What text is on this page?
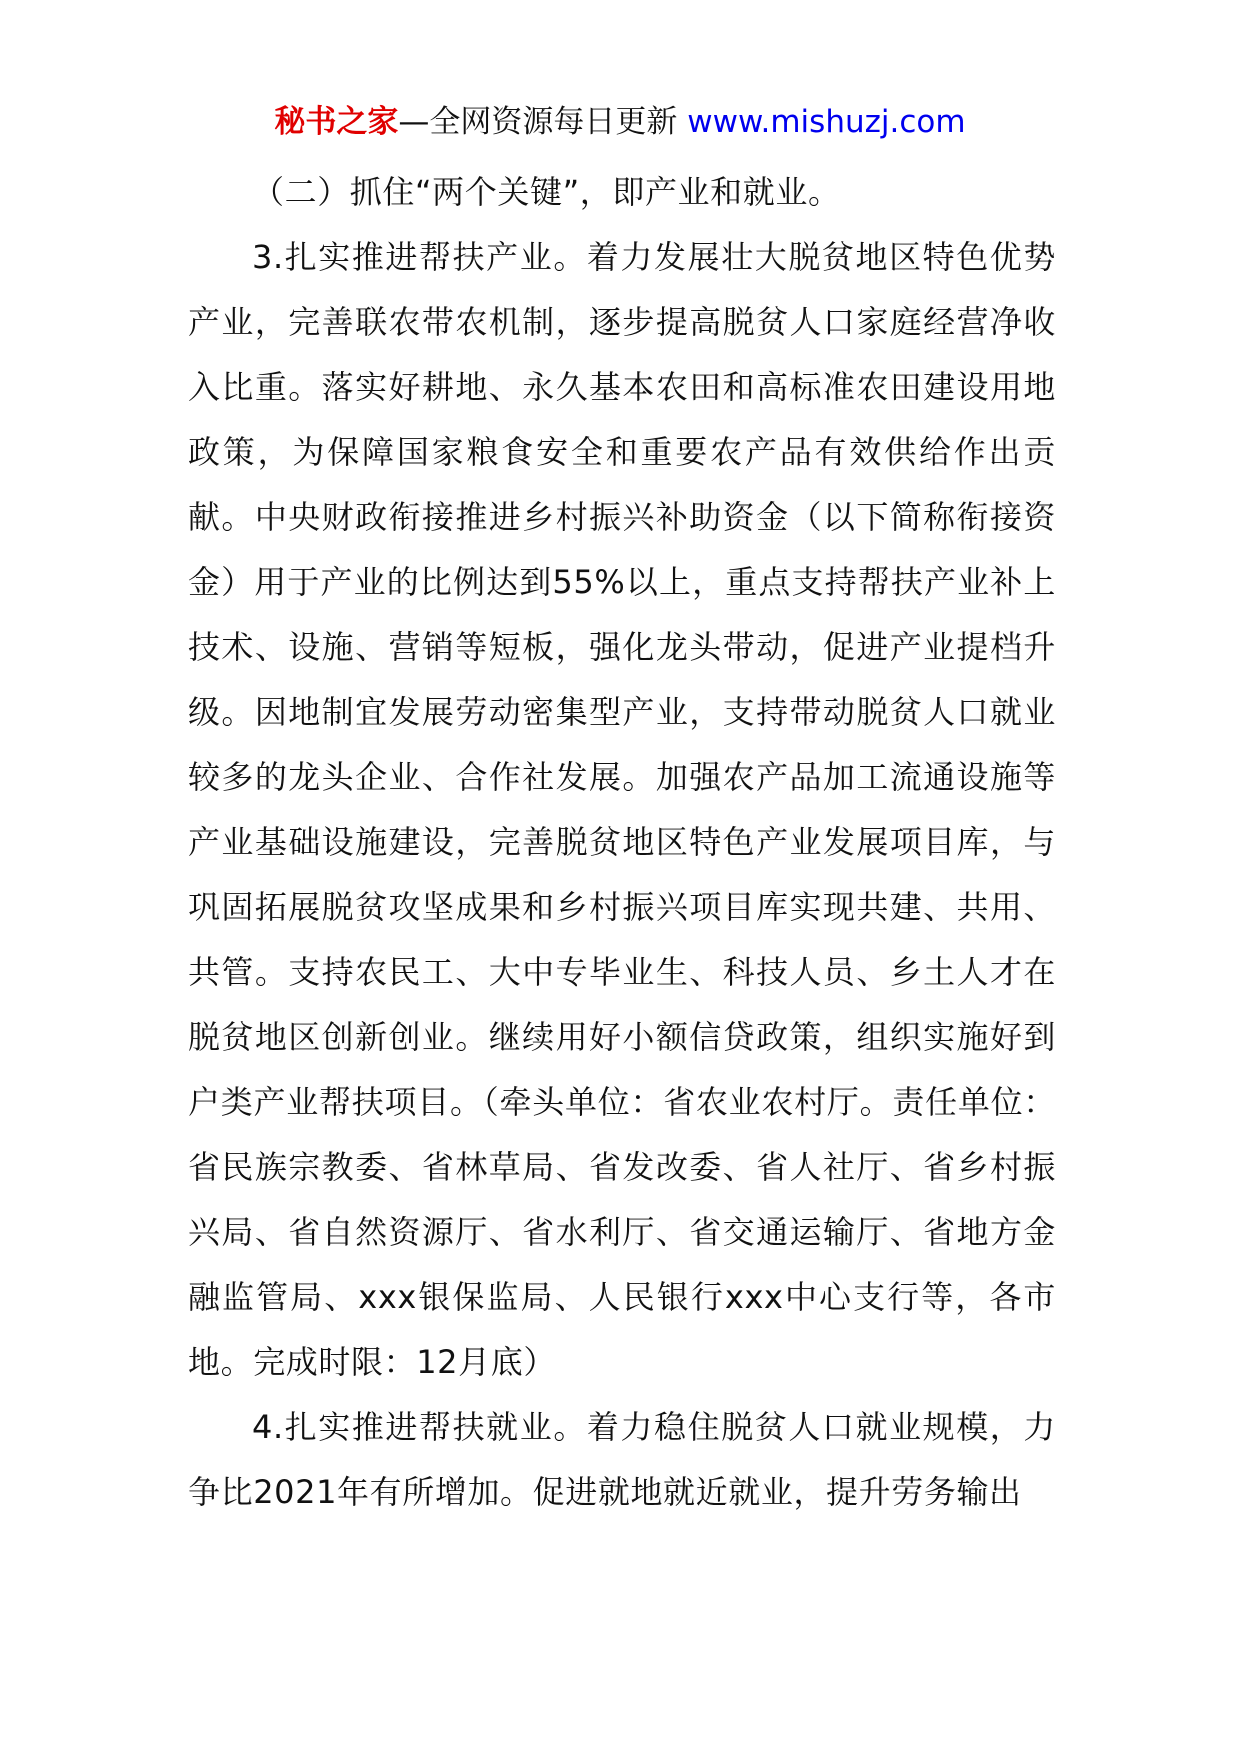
秘书之家—全网资源每日更新 www.mishuzj.com

（二）抓住“两个关键”，即产业和就业。

3.扎实推进帮扶产业。着力发展壮大脱贫地区特色优势产业，完善联农带农机制，逐步提高脱贫人口家庭经营净收入比重。落实好耕地、永久基本农田和高标准农田建设用地政策，为保障国家粮食安全和重要农产品有效供给作出贡献。中央财政衔接推进乡村振兴补助资金（以下简称衔接资金）用于产业的比例达到55%以上，重点支持帮扶产业补上技术、设施、营销等短板，强化龙头带动，促进产业提档升级。因地制宜发展劳动密集型产业，支持带动脱贫人口就业较多的龙头企业、合作社发展。加强农产品加工流通设施等产业基础设施建设，完善脱贫地区特色产业发展项目库，与巩固拓展脱贫攻坚成果和乡村振兴项目库实现共建、共用、共管。支持农民工、大中专毕业生、科技人员、乡土人才在脱贫地区创新创业。继续用好小额信贷政策，组织实施好到户类产业帮扶项目。（牵头单位：省农业农村厅。责任单位：省民族宗教委、省林草局、省发改委、省人社厅、省乡村振兴局、省自然资源厅、省水利厅、省交通运输厅、省地方金融监管局、xxx银保监局、人民银行xxx中心支行等，各市地。完成时限：12月底）

4.扎实推进帮扶就业。着力稳住脱贫人口就业规模，力争比2021年有所增加。促进就地就近就业，提升劳务输出
